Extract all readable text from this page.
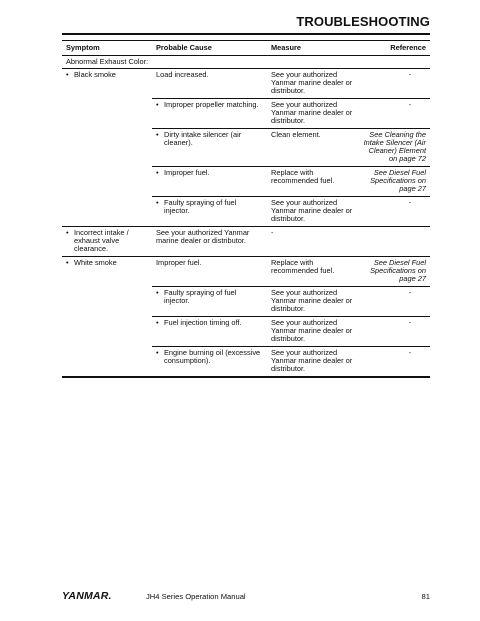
TROUBLESHOOTING
Symptom	Probable Cause	Measure	Reference
Abnormal Exhaust Color:			

• Black smoke	Load increased.	See your authorized Yanmar marine dealer or distributor.	-

	• Improper propeller matching.	See your authorized Yanmar marine dealer or distributor.	-

	• Dirty intake silencer (air cleaner).	Clean element.	See Cleaning the Intake Silencer (Air Cleaner) Element on page 72

	• Improper fuel.	Replace with recommended fuel.	See Diesel Fuel Specifications on page 27

	• Faulty spraying of fuel injector.	See your authorized Yanmar marine dealer or distributor.	-

• Incorrect intake / exhaust valve clearance.	See your authorized Yanmar marine dealer or distributor.	-	

• White smoke	Improper fuel.	Replace with recommended fuel.	See Diesel Fuel Specifications on page 27

	• Faulty spraying of fuel injector.	See your authorized Yanmar marine dealer or distributor.	-

	• Fuel injection timing off.	See your authorized Yanmar marine dealer or distributor.	-

	• Engine burning oil (excessive consumption).	See your authorized Yanmar marine dealer or distributor.	-
YANMAR.	JH4 Series Operation Manual	81
